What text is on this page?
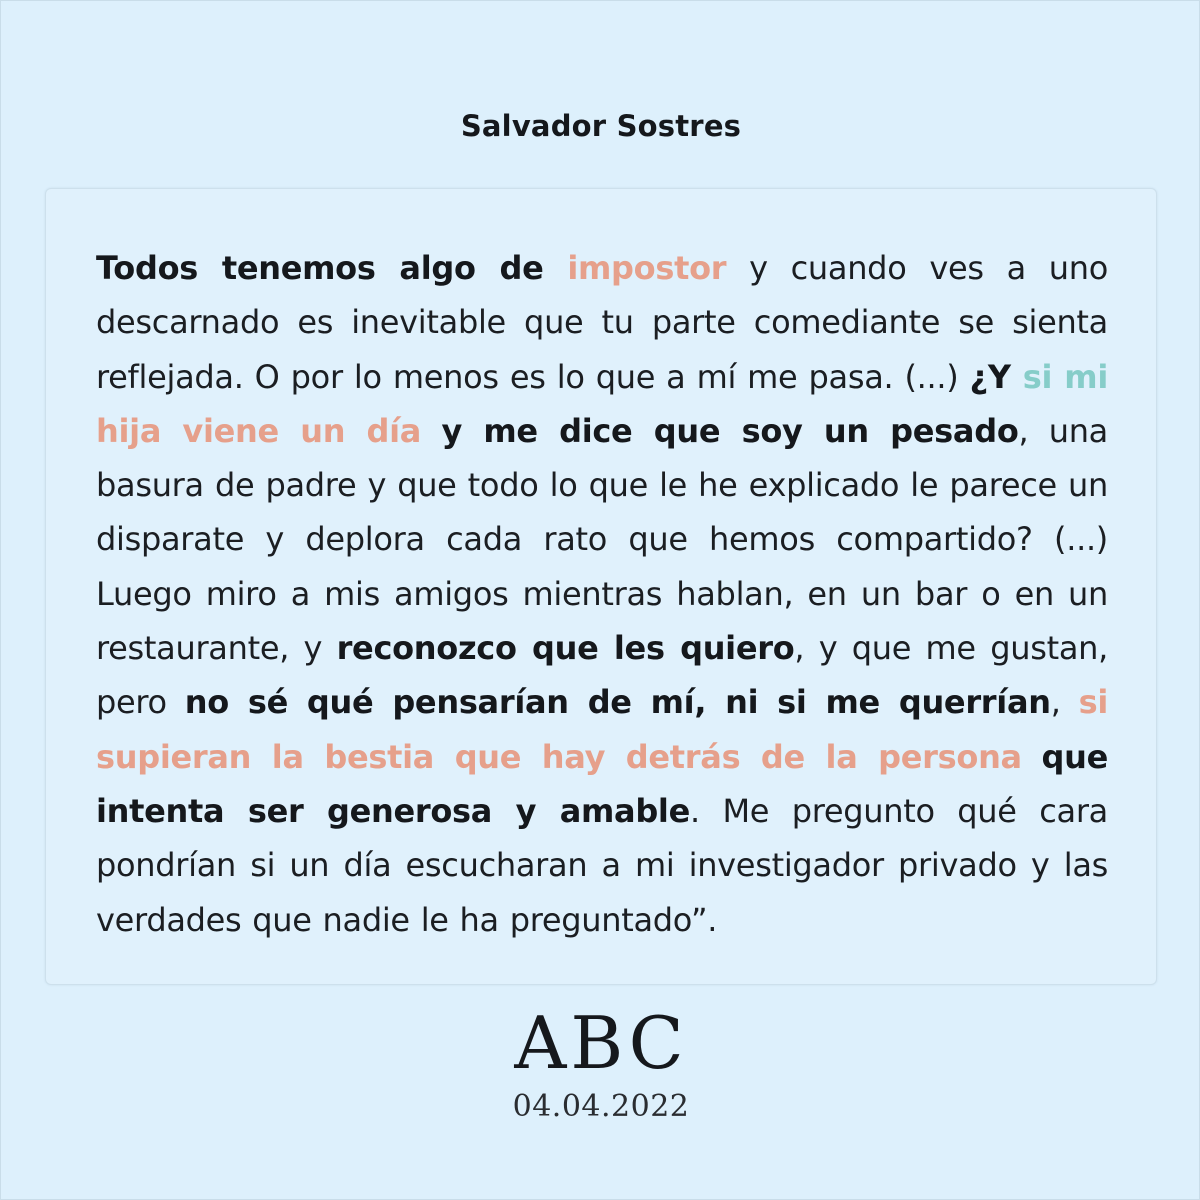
Salvador Sostres

Todos tenemos algo de impostor y cuando ves a uno descarnado es inevitable que tu parte comediante se sienta reflejada. O por lo menos es lo que a mí me pasa. (...) ¿Y si mi hija viene un día y me dice que soy un pesado, una basura de padre y que todo lo que le he explicado le parece un disparate y deplora cada rato que hemos compartido? (...) Luego miro a mis amigos mientras hablan, en un bar o en un restaurante, y reconozco que les quiero, y que me gustan, pero no sé qué pensarían de mí, ni si me querrían, si supieran la bestia que hay detrás de la persona que intenta ser generosa y amable. Me pregunto qué cara pondrían si un día escucharan a mi investigador privado y las verdades que nadie le ha preguntado”.

ABC
04.04.2022
